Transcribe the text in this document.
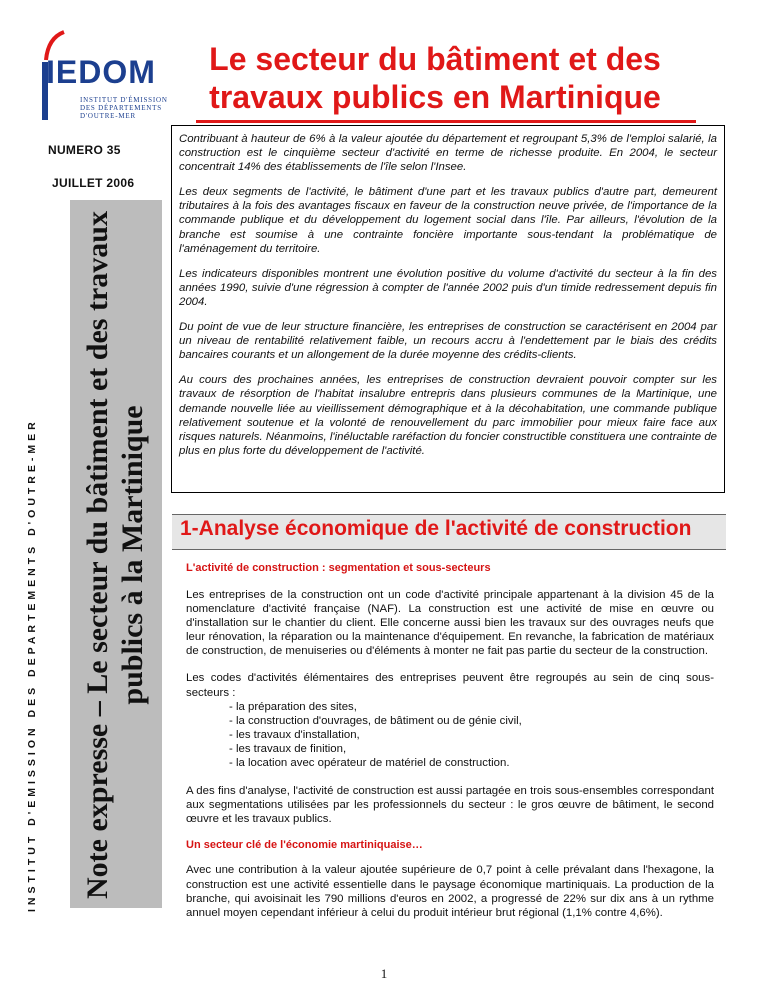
IEDOM
INSTITUT D'ÉMISSION DES DÉPARTEMENTS D'OUTRE-MER
Le secteur du bâtiment et des travaux publics en Martinique
NUMERO 35
JUILLET 2006
INSTITUT D'EMISSION DES DEPARTEMENTS D'OUTRE-MER Note expresse – Le secteur du bâtiment et des travaux publics à la Martinique

Contribuant à hauteur de 6% à la valeur ajoutée du département et regroupant 5,3% de l'emploi salarié, la construction est le cinquième secteur d'activité en terme de richesse produite. En 2004, le secteur concentrait 14% des établissements de l'île selon l'Insee.

Les deux segments de l'activité, le bâtiment d'une part et les travaux publics d'autre part, demeurent tributaires à la fois des avantages fiscaux en faveur de la construction neuve privée, de l'importance de la commande publique et du développement du logement social dans l'île. Par ailleurs, l'évolution de la branche est soumise à une contrainte foncière importante sous-tendant la problématique de l'aménagement du territoire.

Les indicateurs disponibles montrent une évolution positive du volume d'activité du secteur à la fin des années 1990, suivie d'une régression à compter de l'année 2002 puis d'un timide redressement depuis fin 2004.

Du point de vue de leur structure financière, les entreprises de construction se caractérisent en 2004 par un niveau de rentabilité relativement faible, un recours accru à l'endettement par le biais des crédits bancaires courants et un allongement de la durée moyenne des crédits-clients.

Au cours des prochaines années, les entreprises de construction devraient pouvoir compter sur les travaux de résorption de l'habitat insalubre entrepris dans plusieurs communes de la Martinique, une demande nouvelle liée au vieillissement démographique et à la décohabitation, une commande publique relativement soutenue et la volonté de renouvellement du parc immobilier pour mieux faire face aux risques naturels. Néanmoins, l'inéluctable raréfaction du foncier constructible constituera une contrainte de plus en plus forte du développement de l'activité.

1-Analyse économique de l'activité de construction

L'activité de construction : segmentation et sous-secteurs

Les entreprises de la construction ont un code d'activité principale appartenant à la division 45 de la nomenclature d'activité française (NAF). La construction est une activité de mise en œuvre ou d'installation sur le chantier du client. Elle concerne aussi bien les travaux sur des ouvrages neufs que leur rénovation, la réparation ou la maintenance d'équipement. En revanche, la fabrication de matériaux de construction, de menuiseries ou d'éléments à monter ne fait pas partie du secteur de la construction.

Les codes d'activités élémentaires des entreprises peuvent être regroupés au sein de cinq sous-secteurs :

- la préparation des sites,
- la construction d'ouvrages, de bâtiment ou de génie civil,
- les travaux d'installation,
- les travaux de finition,
- la location avec opérateur de matériel de construction.

A des fins d'analyse, l'activité de construction est aussi partagée en trois sous-ensembles correspondant aux segmentations utilisées par les professionnels du secteur : le gros œuvre de bâtiment, le second œuvre et les travaux publics.

Un secteur clé de l'économie martiniquaise…

Avec une contribution à la valeur ajoutée supérieure de 0,7 point à celle prévalant dans l'hexagone, la construction est une activité essentielle dans le paysage économique martiniquais. La production de la branche, qui avoisinait les 790 millions d'euros en 2002, a progressé de 22% sur dix ans à un rythme annuel moyen cependant inférieur à celui du produit intérieur brut régional (1,1% contre 4,6%).

1
